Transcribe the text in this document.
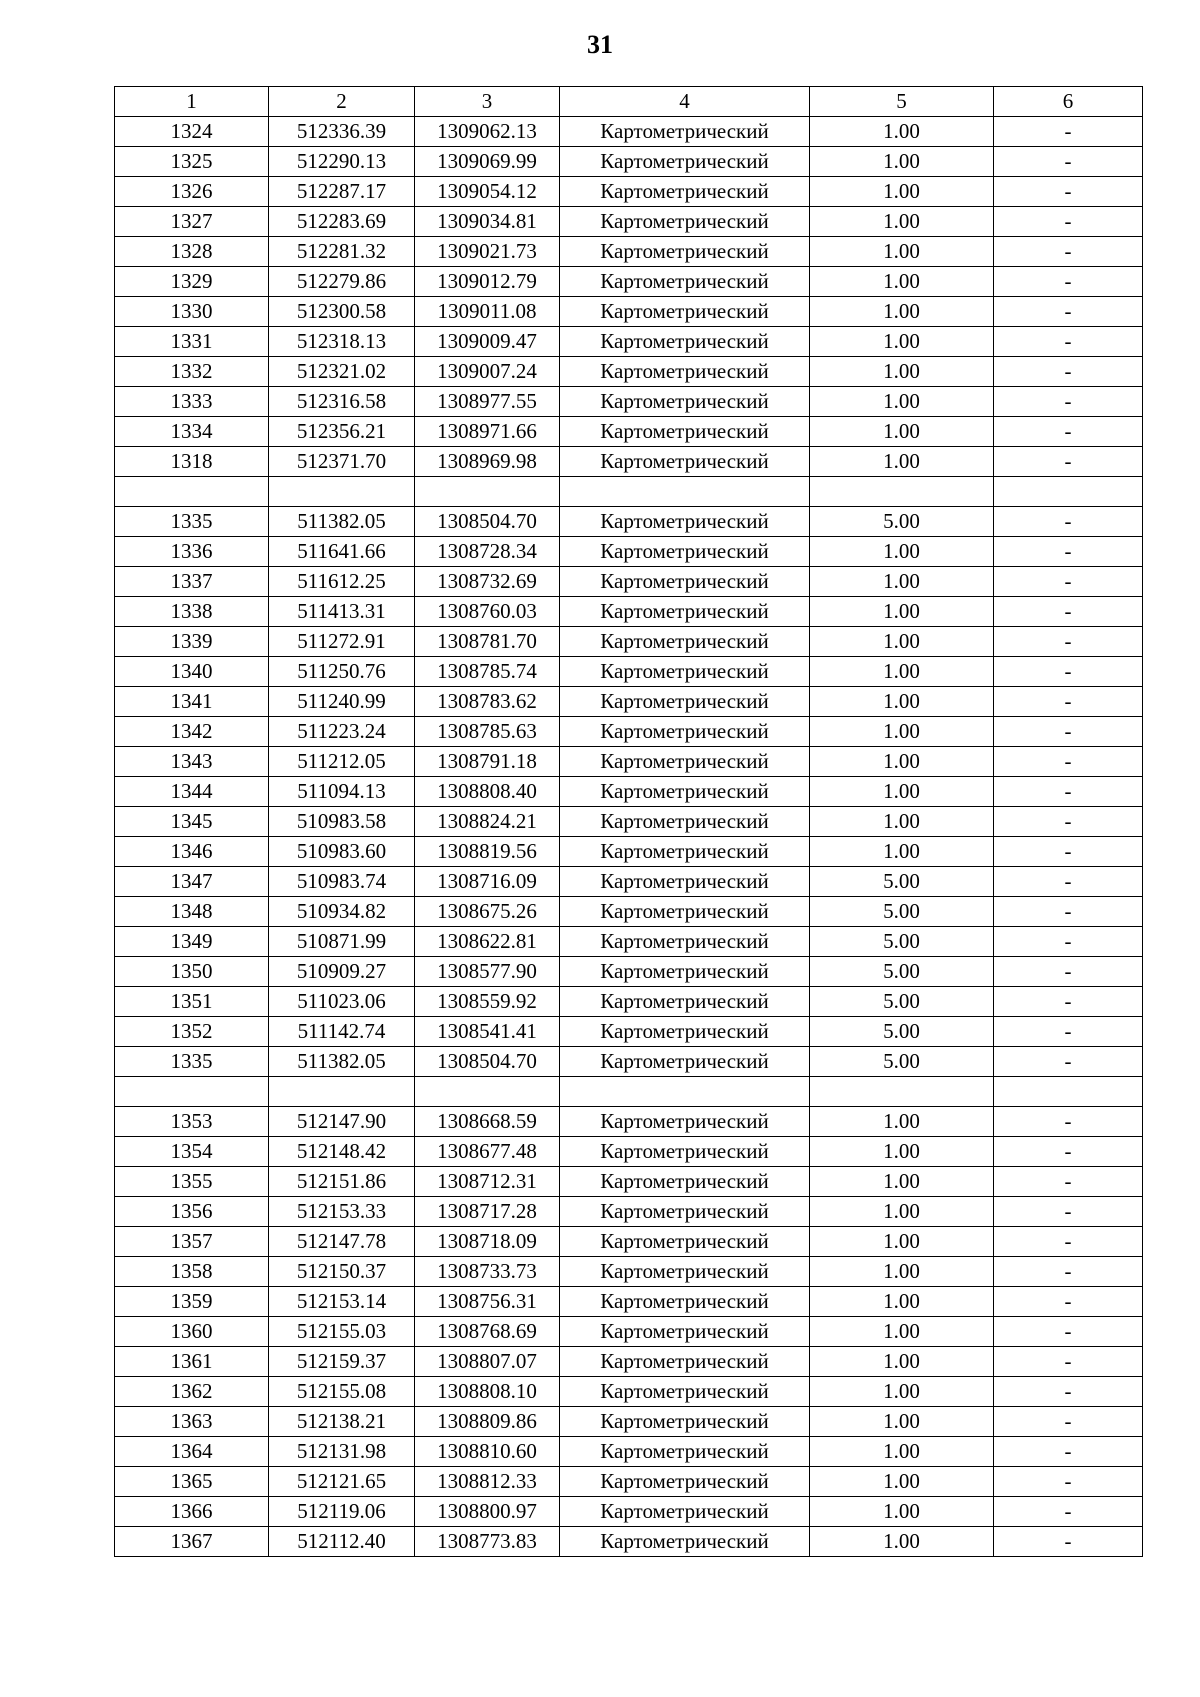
31
1	2	3	4	5	6
1324	512336.39	1309062.13	Картометрический	1.00	-
1325	512290.13	1309069.99	Картометрический	1.00	-
1326	512287.17	1309054.12	Картометрический	1.00	-
1327	512283.69	1309034.81	Картометрический	1.00	-
1328	512281.32	1309021.73	Картометрический	1.00	-
1329	512279.86	1309012.79	Картометрический	1.00	-
1330	512300.58	1309011.08	Картометрический	1.00	-
1331	512318.13	1309009.47	Картометрический	1.00	-
1332	512321.02	1309007.24	Картометрический	1.00	-
1333	512316.58	1308977.55	Картометрический	1.00	-
1334	512356.21	1308971.66	Картометрический	1.00	-
1318	512371.70	1308969.98	Картометрический	1.00	-

1335	511382.05	1308504.70	Картометрический	5.00	-
1336	511641.66	1308728.34	Картометрический	1.00	-
1337	511612.25	1308732.69	Картометрический	1.00	-
1338	511413.31	1308760.03	Картометрический	1.00	-
1339	511272.91	1308781.70	Картометрический	1.00	-
1340	511250.76	1308785.74	Картометрический	1.00	-
1341	511240.99	1308783.62	Картометрический	1.00	-
1342	511223.24	1308785.63	Картометрический	1.00	-
1343	511212.05	1308791.18	Картометрический	1.00	-
1344	511094.13	1308808.40	Картометрический	1.00	-
1345	510983.58	1308824.21	Картометрический	1.00	-
1346	510983.60	1308819.56	Картометрический	1.00	-
1347	510983.74	1308716.09	Картометрический	5.00	-
1348	510934.82	1308675.26	Картометрический	5.00	-
1349	510871.99	1308622.81	Картометрический	5.00	-
1350	510909.27	1308577.90	Картометрический	5.00	-
1351	511023.06	1308559.92	Картометрический	5.00	-
1352	511142.74	1308541.41	Картометрический	5.00	-
1335	511382.05	1308504.70	Картометрический	5.00	-

1353	512147.90	1308668.59	Картометрический	1.00	-
1354	512148.42	1308677.48	Картометрический	1.00	-
1355	512151.86	1308712.31	Картометрический	1.00	-
1356	512153.33	1308717.28	Картометрический	1.00	-
1357	512147.78	1308718.09	Картометрический	1.00	-
1358	512150.37	1308733.73	Картометрический	1.00	-
1359	512153.14	1308756.31	Картометрический	1.00	-
1360	512155.03	1308768.69	Картометрический	1.00	-
1361	512159.37	1308807.07	Картометрический	1.00	-
1362	512155.08	1308808.10	Картометрический	1.00	-
1363	512138.21	1308809.86	Картометрический	1.00	-
1364	512131.98	1308810.60	Картометрический	1.00	-
1365	512121.65	1308812.33	Картометрический	1.00	-
1366	512119.06	1308800.97	Картометрический	1.00	-
1367	512112.40	1308773.83	Картометрический	1.00	-
